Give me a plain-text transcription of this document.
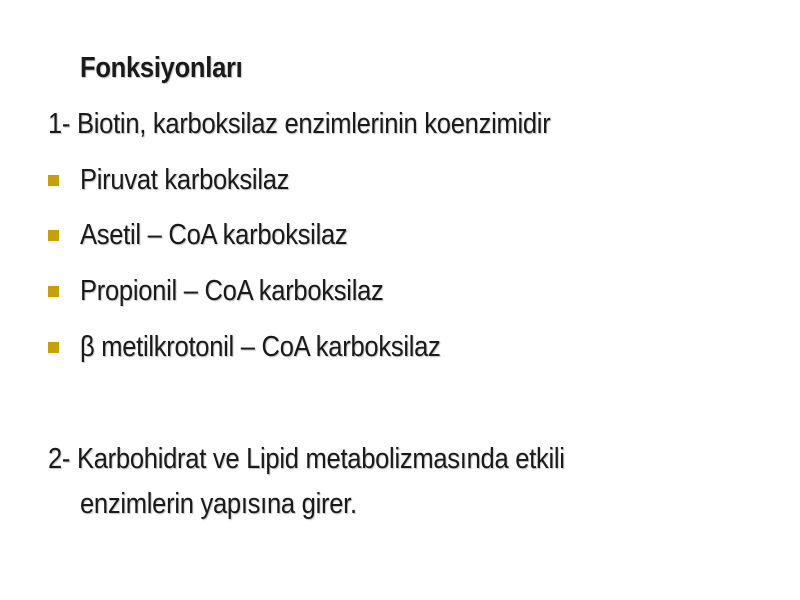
Fonksiyonları
1- Biotin, karboksilaz enzimlerinin koenzimidir
Piruvat karboksilaz
Asetil – CoA karboksilaz
Propionil – CoA karboksilaz
β metilkrotonil – CoA karboksilaz
2- Karbohidrat ve Lipid metabolizmasında etkili
enzimlerin yapısına girer.
